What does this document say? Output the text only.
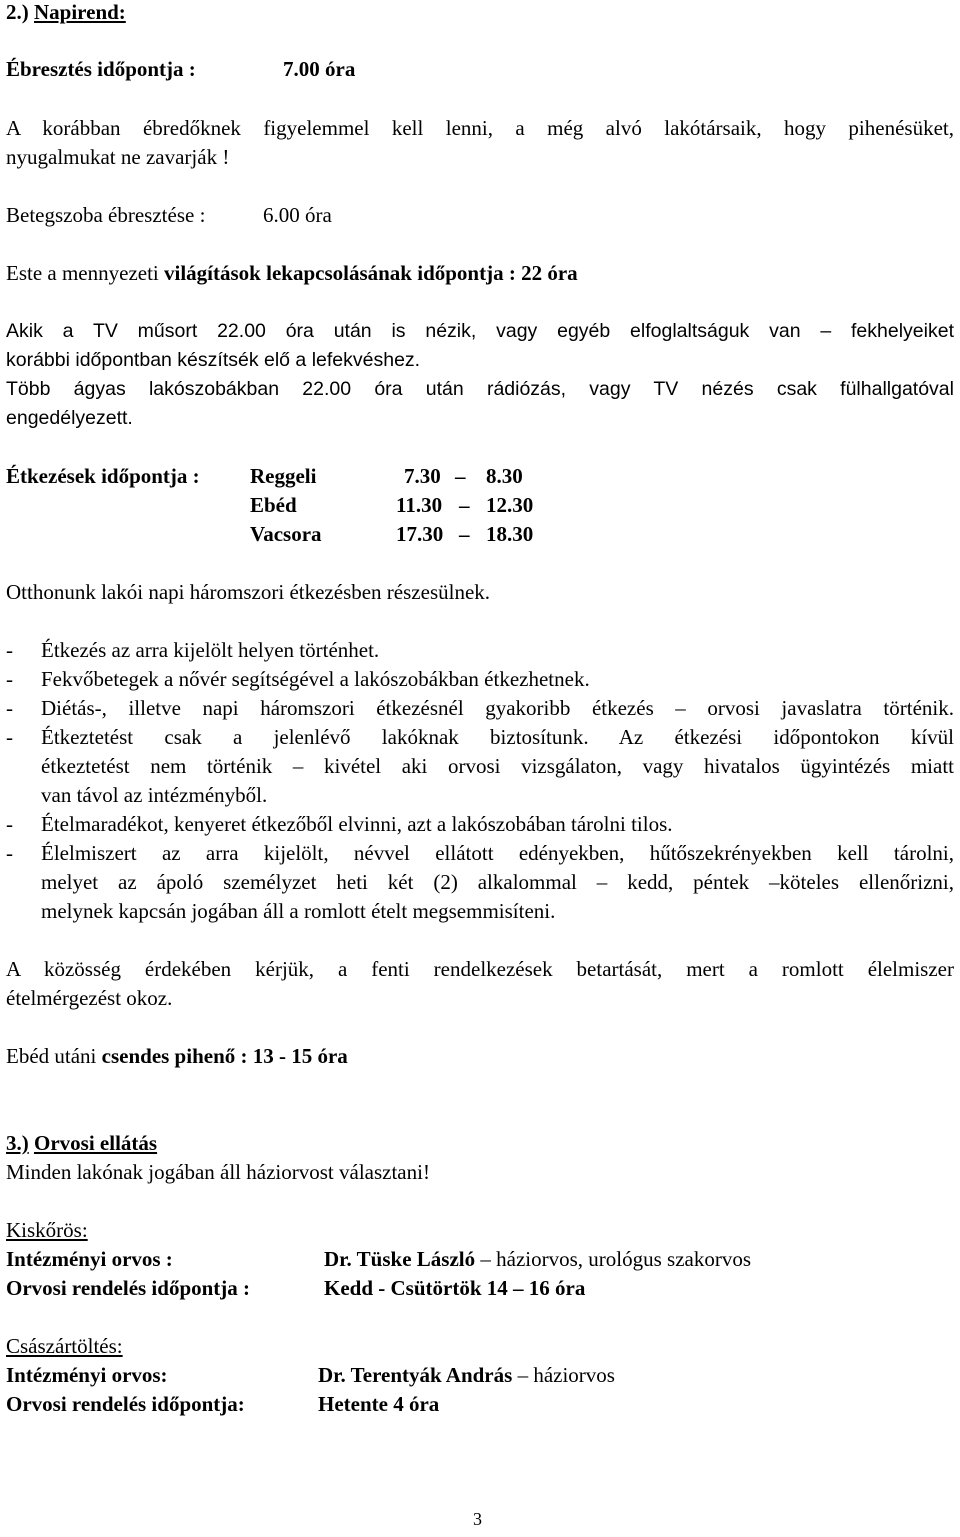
2.) Napirend:
Ébresztés időpontja :	7.00 óra
A korábban ébredőknek figyelemmel kell lenni, a még alvó lakótársaik, hogy pihenésüket,
nyugalmukat ne zavarják !
Betegszoba ébresztése :	6.00 óra
Este a mennyezeti világítások lekapcsolásának időpontja : 22 óra
Akik a TV műsort 22.00 óra után is nézik, vagy egyéb elfoglaltságuk van – fekhelyeiket
korábbi időpontban készítsék elő a lefekvéshez.
Több ágyas lakószobákban 22.00 óra után rádiózás, vagy TV nézés csak fülhallgatóval
engedélyezett.
Étkezések időpontja : Reggeli	7.30 – 8.30
Ebéd	11.30 – 12.30
Vacsora	17.30 – 18.30
Otthonunk lakói napi háromszori étkezésben részesülnek.
- Étkezés az arra kijelölt helyen történhet.
- Fekvőbetegek a nővér segítségével a lakószobákban étkezhetnek.
- Diétás-, illetve napi háromszori étkezésnél gyakoribb étkezés – orvosi javaslatra történik.
- Étkeztetést csak a jelenlévő lakóknak biztosítunk. Az étkezési időpontokon kívül
étkeztetést nem történik – kivétel aki orvosi vizsgálaton, vagy hivatalos ügyintézés miatt
van távol az intézményből.
- Ételmaradékot, kenyeret étkezőből elvinni, azt a lakószobában tárolni tilos.
- Élelmiszert az arra kijelölt, névvel ellátott edényekben, hűtőszekrényekben kell tárolni,
melyet az ápoló személyzet heti két (2) alkalommal – kedd, péntek –köteles ellenőrizni,
melynek kapcsán jogában áll a romlott ételt megsemmisíteni.
A közösség érdekében kérjük, a fenti rendelkezések betartását, mert a romlott élelmiszer
ételmérgezést okoz.
Ebéd utáni csendes pihenő : 13 - 15 óra
3.) Orvosi ellátás
Minden lakónak jogában áll háziorvost választani!
Kiskőrös:
Intézményi orvos :	Dr. Tüske László – háziorvos, urológus szakorvos
Orvosi rendelés időpontja :	Kedd - Csütörtök 14 – 16 óra
Császártöltés:
Intézményi orvos:	Dr. Terentyák András – háziorvos
Orvosi rendelés időpontja:	Hetente 4 óra
3
